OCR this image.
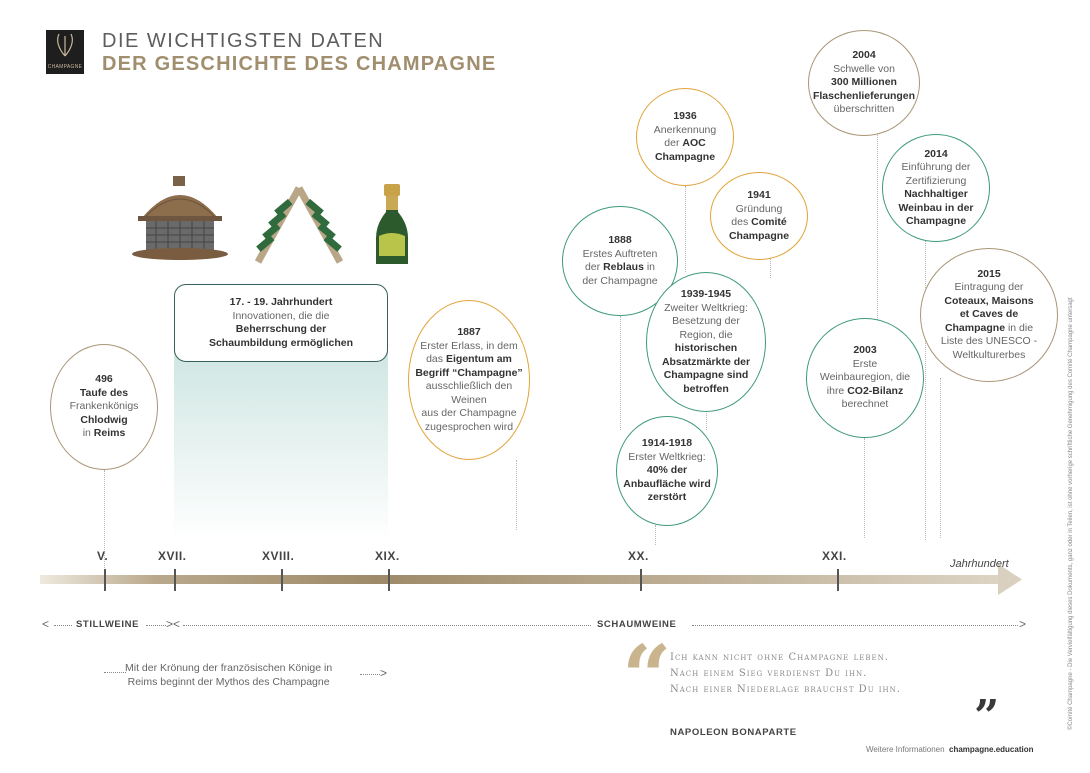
CHAMPAGNE
DIE WICHTIGSTEN DATEN
DER GESCHICHTE DES CHAMPAGNE
17. - 19. Jahrhundert
Innovationen, die die
Beherrschung der
Schaumbildung ermöglichen
496
Taufe des
Frankenkönigs
Chlodwig
in Reims
1887
Erster Erlass, in dem
das Eigentum am
Begriff “Champagne”
ausschließlich den Weinen
aus der Champagne
zugesprochen wird
1888
Erstes Auftreten
der Reblaus in
der Champagne
1914-1918
Erster Weltkrieg:
40% der
Anbaufläche wird
zerstört
1936
Anerkennung
der AOC
Champagne
1941
Gründung
des Comité
Champagne
1939-1945
Zweiter Weltkrieg:
Besetzung der
Region, die
historischen
Absatzmärkte der
Champagne sind
betroffen
2003
Erste
Weinbauregion, die
ihre CO2-Bilanz
berechnet
2004
Schwelle von
300 Millionen
Flaschenlieferungen
überschritten
2014
Einführung der
Zertifizierung
Nachhaltiger
Weinbau in der
Champagne
2015
Eintragung der
Coteaux, Maisons
et Caves de
Champagne in die
Liste des UNESCO -
Weltkulturerbes
V.	XVII.	XVIII.	XIX.	XX.	XXI.
Jahrhundert
<	STILLWEINE ><	SCHAUMWEINE	>
Mit der Krönung der französischen Könige in
Reims beginnt der Mythos des Champagne
>	“
Ich kann nicht ohne Champagne leben.
Nach einem Sieg verdienst Du ihn.
Nach einer Niederlage brauchst Du ihn.
”
NAPOLEON BONAPARTE
Weitere Informationen champagne.education
©Comité Champagne - Die Vervielfältigung dieses Dokuments, ganz oder in Teilen, ist ohne vorherige schriftliche Genehmigung des Comité Champagne untersagt
